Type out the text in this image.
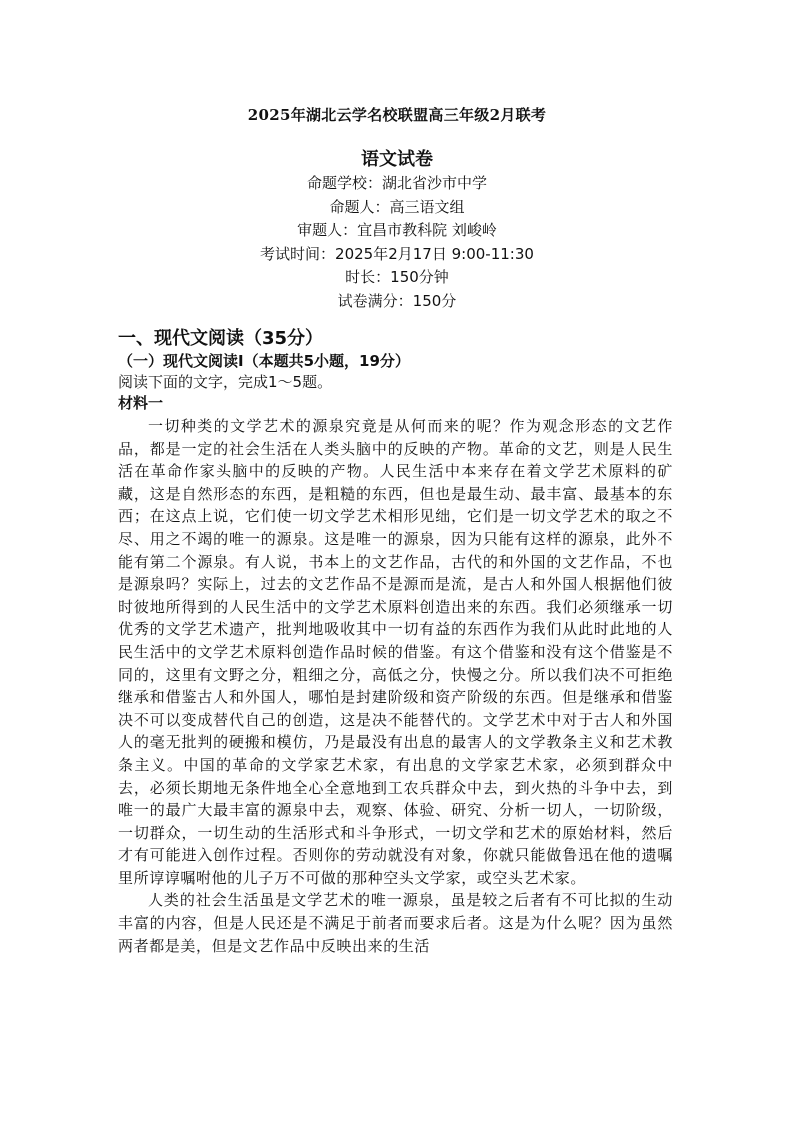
2025年湖北云学名校联盟高三年级2月联考
语文试卷
命题学校：湖北省沙市中学
命题人：高三语文组
审题人：宜昌市教科院 刘峻岭
考试时间：2025年2月17日 9:00-11:30
时长：150分钟
试卷满分：150分
一、现代文阅读（35分）
（一）现代文阅读Ⅰ（本题共5小题，19分）

阅读下面的文字，完成1～5题。

材料一

一切种类的文学艺术的源泉究竟是从何而来的呢？作为观念形态的文艺作品，都是一定的社会生活在人类头脑中的反映的产物。革命的文艺，则是人民生活在革命作家头脑中的反映的产物。人民生活中本来存在着文学艺术原料的矿藏，这是自然形态的东西，是粗糙的东西，但也是最生动、最丰富、最基本的东西；在这点上说，它们使一切文学艺术相形见绌，它们是一切文学艺术的取之不尽、用之不竭的唯一的源泉。这是唯一的源泉，因为只能有这样的源泉，此外不能有第二个源泉。有人说，书本上的文艺作品，古代的和外国的文艺作品，不也是源泉吗？实际上，过去的文艺作品不是源而是流，是古人和外国人根据他们彼时彼地所得到的人民生活中的文学艺术原料创造出来的东西。我们必须继承一切优秀的文学艺术遗产，批判地吸收其中一切有益的东西作为我们从此时此地的人民生活中的文学艺术原料创造作品时候的借鉴。有这个借鉴和没有这个借鉴是不同的，这里有文野之分，粗细之分，高低之分，快慢之分。所以我们决不可拒绝继承和借鉴古人和外国人，哪怕是封建阶级和资产阶级的东西。但是继承和借鉴决不可以变成替代自己的创造，这是决不能替代的。文学艺术中对于古人和外国人的毫无批判的硬搬和模仿，乃是最没有出息的最害人的文学教条主义和艺术教条主义。中国的革命的文学家艺术家，有出息的文学家艺术家，必须到群众中去，必须长期地无条件地全心全意地到工农兵群众中去，到火热的斗争中去，到唯一的最广大最丰富的源泉中去，观察、体验、研究、分析一切人，一切阶级，一切群众，一切生动的生活形式和斗争形式，一切文学和艺术的原始材料，然后才有可能进入创作过程。否则你的劳动就没有对象，你就只能做鲁迅在他的遗嘱里所谆谆嘱咐他的儿子万不可做的那种空头文学家，或空头艺术家。

人类的社会生活虽是文学艺术的唯一源泉，虽是较之后者有不可比拟的生动丰富的内容，但是人民还是不满足于前者而要求后者。这是为什么呢？因为虽然两者都是美，但是文艺作品中反映出来的生活
